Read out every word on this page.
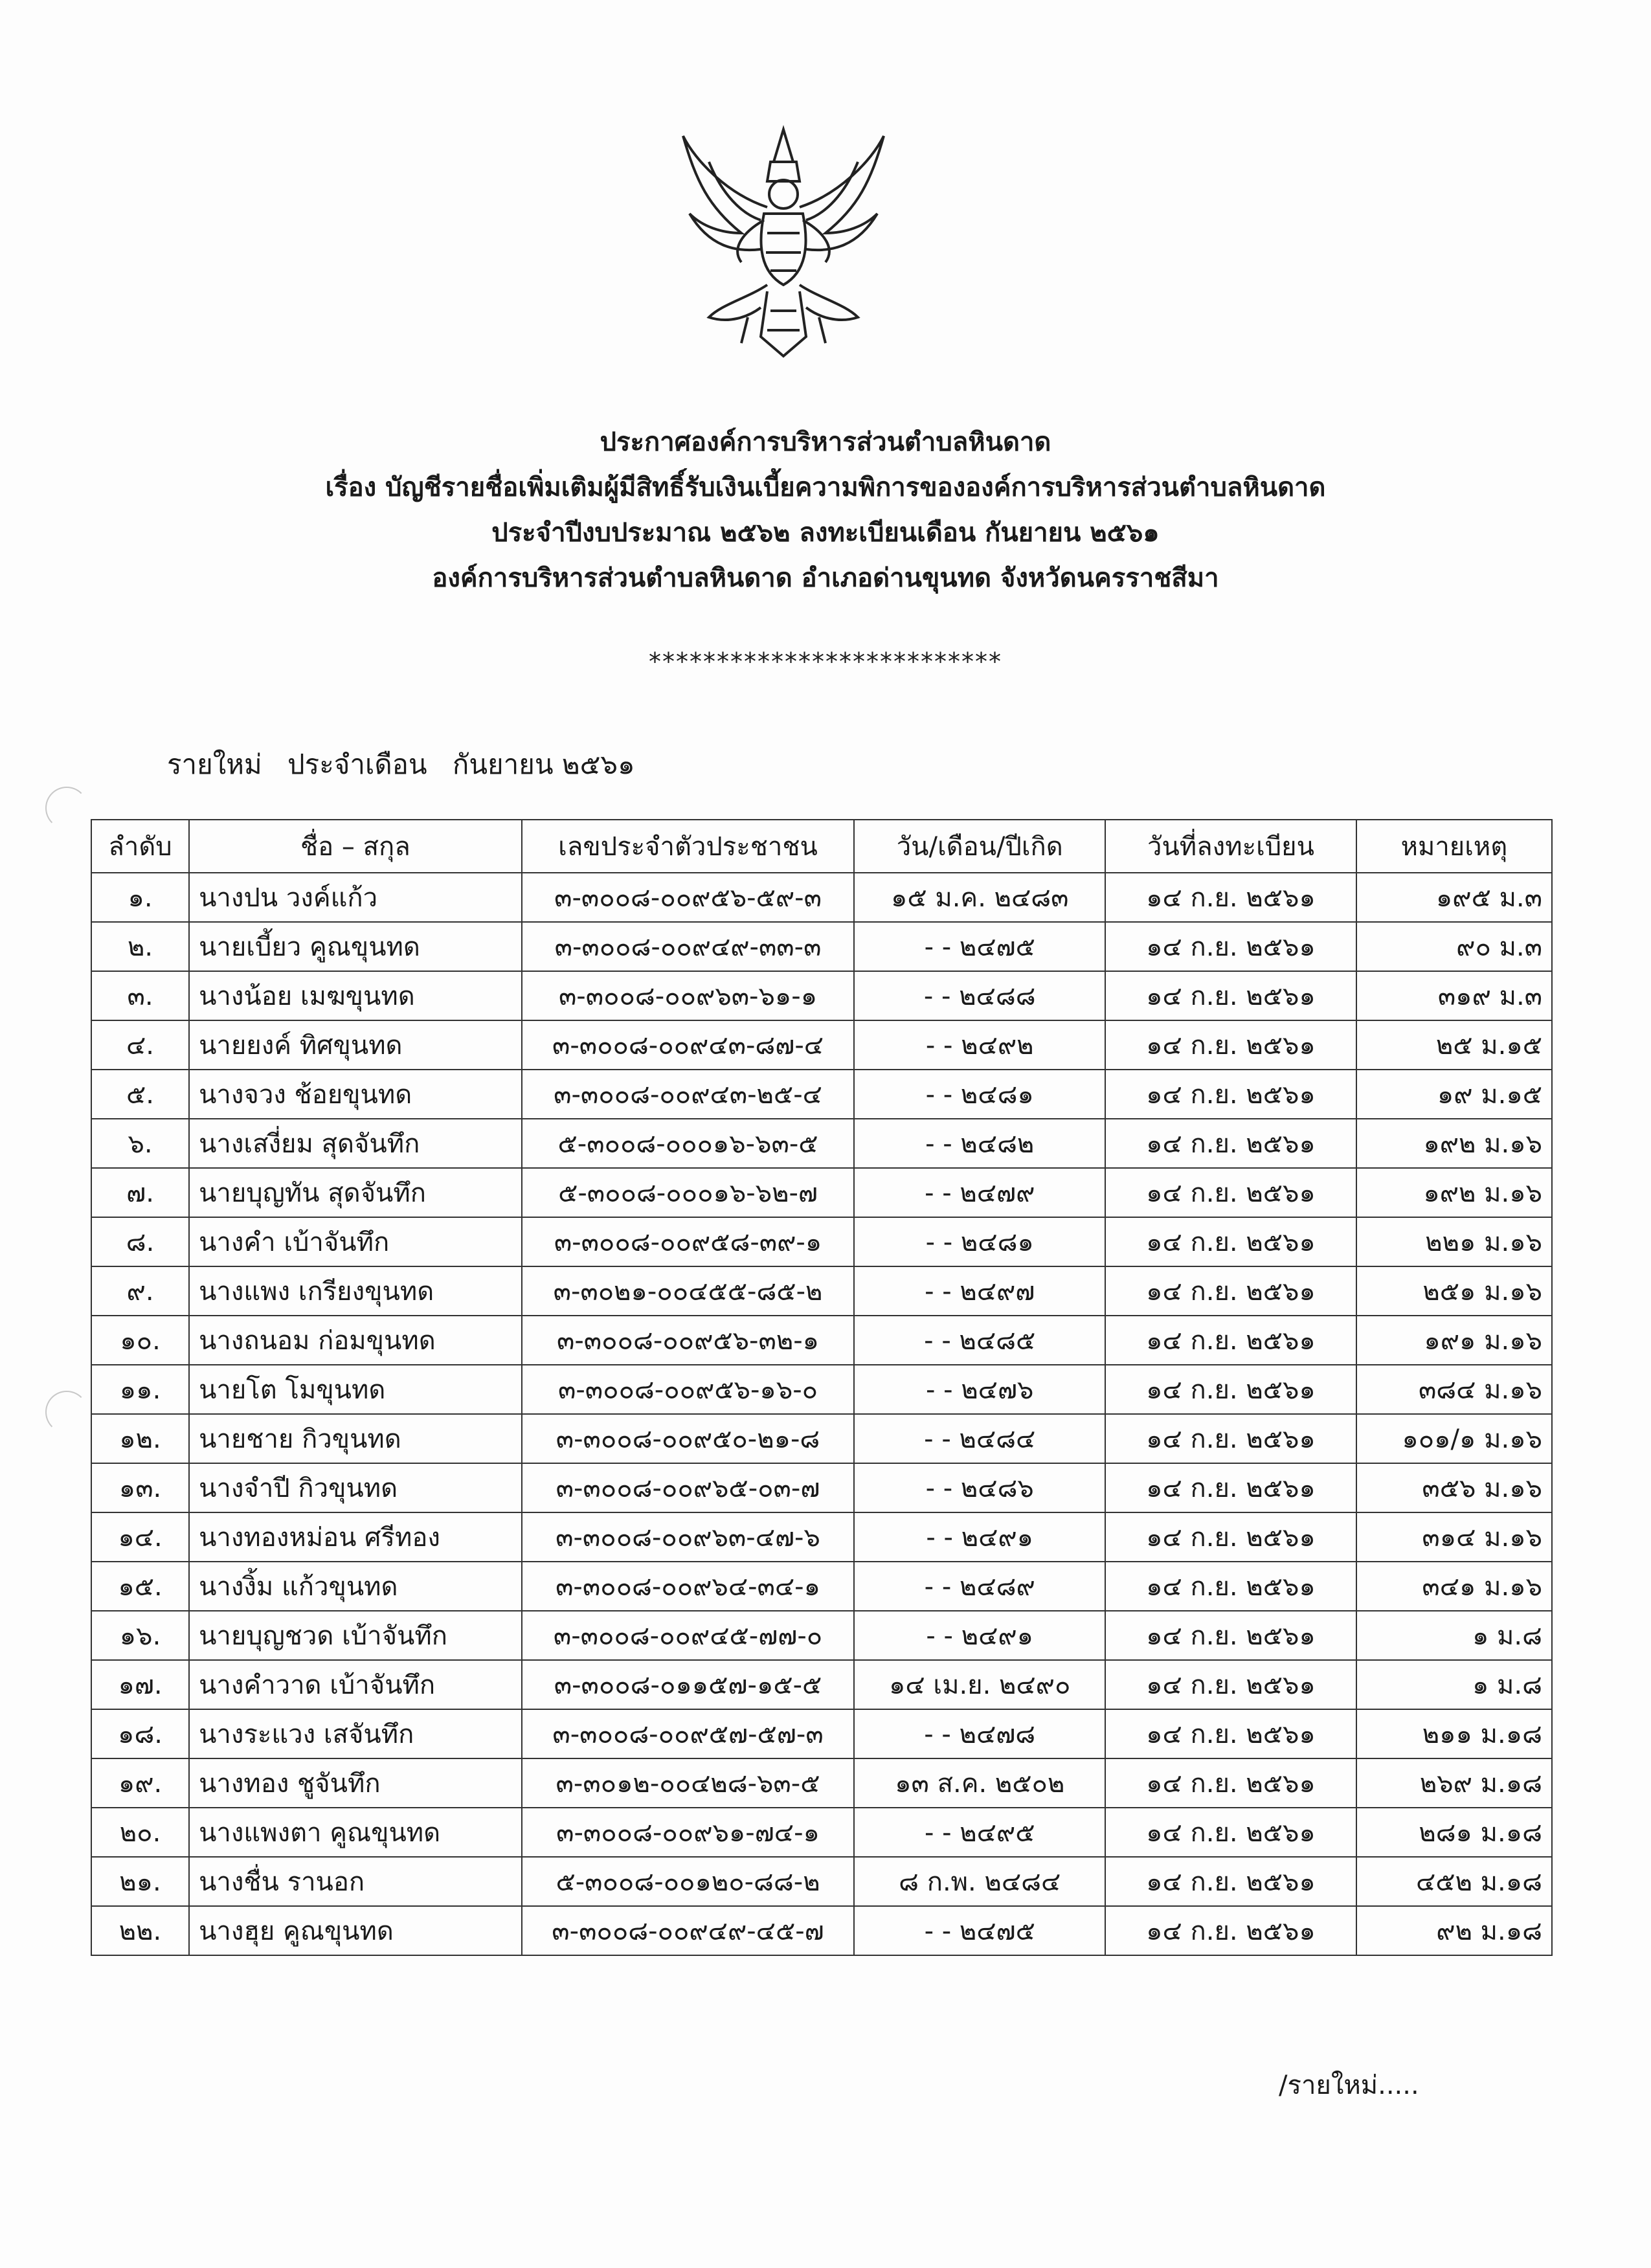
ประกาศองค์การบริหารส่วนตำบลหินดาด
เรื่อง บัญชีรายชื่อเพิ่มเติมผู้มีสิทธิ์รับเงินเบี้ยความพิการขององค์การบริหารส่วนตำบลหินดาด
ประจำปีงบประมาณ ๒๕๖๒ ลงทะเบียนเดือน กันยายน ๒๕๖๑
องค์การบริหารส่วนตำบลหินดาด อำเภอด่านขุนทด จังหวัดนครราชสีมา
**************************
รายใหม่ ประจำเดือน กันยายน ๒๕๖๑
ลำดับ	ชื่อ – สกุล	เลขประจำตัวประชาชน	วัน/เดือน/ปีเกิด	วันที่ลงทะเบียน	หมายเหตุ
๑.	นางปน วงค์แก้ว	๓-๓๐๐๘-๐๐๙๕๖-๕๙-๓	๑๕ ม.ค. ๒๔๘๓	๑๔ ก.ย. ๒๕๖๑	๑๙๕ ม.๓
๒.	นายเบี้ยว คูณขุนทด	๓-๓๐๐๘-๐๐๙๔๙-๓๓-๓	- - ๒๔๗๕	๑๔ ก.ย. ๒๕๖๑	๙๐ ม.๓
๓.	นางน้อย เมฆขุนทด	๓-๓๐๐๘-๐๐๙๖๓-๖๑-๑	- - ๒๔๘๘	๑๔ ก.ย. ๒๕๖๑	๓๑๙ ม.๓
๔.	นายยงค์ ทิศขุนทด	๓-๓๐๐๘-๐๐๙๔๓-๘๗-๔	- - ๒๔๙๒	๑๔ ก.ย. ๒๕๖๑	๒๕ ม.๑๕
๕.	นางจวง ช้อยขุนทด	๓-๓๐๐๘-๐๐๙๔๓-๒๕-๔	- - ๒๔๘๑	๑๔ ก.ย. ๒๕๖๑	๑๙ ม.๑๕
๖.	นางเสงี่ยม สุดจันทึก	๕-๓๐๐๘-๐๐๐๑๖-๖๓-๕	- - ๒๔๘๒	๑๔ ก.ย. ๒๕๖๑	๑๙๒ ม.๑๖
๗.	นายบุญทัน สุดจันทึก	๕-๓๐๐๘-๐๐๐๑๖-๖๒-๗	- - ๒๔๗๙	๑๔ ก.ย. ๒๕๖๑	๑๙๒ ม.๑๖
๘.	นางคำ เบ้าจันทึก	๓-๓๐๐๘-๐๐๙๕๘-๓๙-๑	- - ๒๔๘๑	๑๔ ก.ย. ๒๕๖๑	๒๒๑ ม.๑๖
๙.	นางแพง เกรียงขุนทด	๓-๓๐๒๑-๐๐๔๕๕-๘๕-๒	- - ๒๔๙๗	๑๔ ก.ย. ๒๕๖๑	๒๕๑ ม.๑๖
๑๐.	นางถนอม ก่อมขุนทด	๓-๓๐๐๘-๐๐๙๕๖-๓๒-๑	- - ๒๔๘๕	๑๔ ก.ย. ๒๕๖๑	๑๙๑ ม.๑๖
๑๑.	นายโต โมขุนทด	๓-๓๐๐๘-๐๐๙๕๖-๑๖-๐	- - ๒๔๗๖	๑๔ ก.ย. ๒๕๖๑	๓๘๔ ม.๑๖
๑๒.	นายชาย กิวขุนทด	๓-๓๐๐๘-๐๐๙๕๐-๒๑-๘	- - ๒๔๘๔	๑๔ ก.ย. ๒๕๖๑	๑๐๑/๑ ม.๑๖
๑๓.	นางจำปี กิวขุนทด	๓-๓๐๐๘-๐๐๙๖๕-๐๓-๗	- - ๒๔๘๖	๑๔ ก.ย. ๒๕๖๑	๓๕๖ ม.๑๖
๑๔.	นางทองหม่อน ศรีทอง	๓-๓๐๐๘-๐๐๙๖๓-๔๗-๖	- - ๒๔๙๑	๑๔ ก.ย. ๒๕๖๑	๓๑๔ ม.๑๖
๑๕.	นางงิ้ม แก้วขุนทด	๓-๓๐๐๘-๐๐๙๖๔-๓๔-๑	- - ๒๔๘๙	๑๔ ก.ย. ๒๕๖๑	๓๔๑ ม.๑๖
๑๖.	นายบุญชวด เบ้าจันทึก	๓-๓๐๐๘-๐๐๙๔๕-๗๗-๐	- - ๒๔๙๑	๑๔ ก.ย. ๒๕๖๑	๑ ม.๘
๑๗.	นางคำวาด เบ้าจันทึก	๓-๓๐๐๘-๐๑๑๕๗-๑๕-๕	๑๔ เม.ย. ๒๔๙๐	๑๔ ก.ย. ๒๕๖๑	๑ ม.๘
๑๘.	นางระแวง เสจันทึก	๓-๓๐๐๘-๐๐๙๕๗-๕๗-๓	- - ๒๔๗๘	๑๔ ก.ย. ๒๕๖๑	๒๑๑ ม.๑๘
๑๙.	นางทอง ชูจันทึก	๓-๓๐๑๒-๐๐๔๒๘-๖๓-๕	๑๓ ส.ค. ๒๕๐๒	๑๔ ก.ย. ๒๕๖๑	๒๖๙ ม.๑๘
๒๐.	นางแพงตา คูณขุนทด	๓-๓๐๐๘-๐๐๙๖๑-๗๔-๑	- - ๒๔๙๕	๑๔ ก.ย. ๒๕๖๑	๒๘๑ ม.๑๘
๒๑.	นางชื่น รานอก	๕-๓๐๐๘-๐๐๑๒๐-๘๘-๒	๘ ก.พ. ๒๔๘๔	๑๔ ก.ย. ๒๕๖๑	๔๕๒ ม.๑๘
๒๒.	นางฮุย คูณขุนทด	๓-๓๐๐๘-๐๐๙๔๙-๔๕-๗	- - ๒๔๗๕	๑๔ ก.ย. ๒๕๖๑	๙๒ ม.๑๘
/รายใหม่.....
